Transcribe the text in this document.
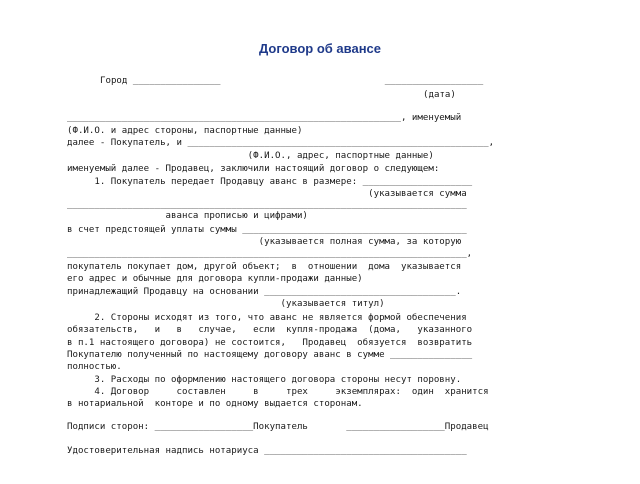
Договор об авансе
Город ________________                              __________________
(дата)
_____________________________________________________________, именуемый
(Ф.И.О. и адрес стороны, паспортные данные)
далее - Покупатель, и _______________________________________________________,
(Ф.И.О., адрес, паспортные данные)
именуемый далее - Продавец, заключили настоящий договор о следующем:
1. Покупатель передает Продавцу аванс в размере: ____________________
(указывается сумма
_________________________________________________________________________
аванса прописью и цифрами)
в счет предстоящей уплаты суммы _________________________________________
(указывается полная сумма, за которую
_________________________________________________________________________,
покупатель покупает дом, другой объект;  в  отношении  дома  указывается
его адрес и обычные для договора купли-продажи данные)
принадлежащий Продавцу на основании ___________________________________.
(указывается титул)
2. Стороны исходят из того, что аванс не является формой обеспечения
обязательств,   и   в   случае,   если  купля-продажа  (дома,   указанного
в п.1 настоящего договора) не состоится,   Продавец  обязуется  возвратить
Покупателю полученный по настоящему договору аванс в сумме _______________
полностью.
3. Расходы по оформлению настоящего договора стороны несут поровну.
4. Договор     составлен     в     трех     экземплярах:  один  хранится
в нотариальной  конторе и по одному выдается сторонам.
Подписи сторон: __________________Покупатель       __________________Продавец
Удостоверительная надпись нотариуса _____________________________________
